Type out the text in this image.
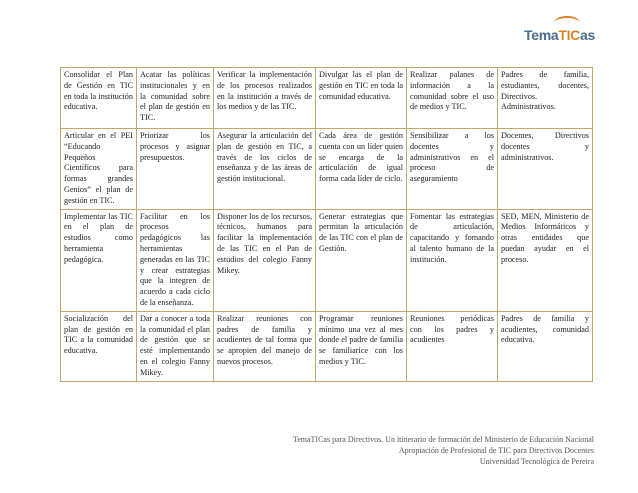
TemaTICas
Consolidar el Plan de Gestión en TIC en toda la institución educativa.	Acatar las políticas institucionales y en la comunidad sobre el plan de gestión en TIC.	Verificar la implementación de los procesos realizados en la institución a través de los medios y de las TIC.	Divulgar las el plan de gestión en TIC en toda la comunidad educativa.	Realizar palanes de información a la comunidad sobre el uso de medios y TIC.	Padres de familia, estudiantes, docentes, Directivos. Administrativos.
Articular en el PEI “Educando Pequeños Científicos para formas grandes Genios” el plan de gestión en TIC.	Priorizar los procesos y asignar presupuestos.	Asegurar la articulación del plan de gestión en TIC, a través de los ciclos de enseñanza y de las áreas de gestión institucional.	Cada área de gestión cuenta con un líder quien se encarga de la articulación de igual forma cada líder de ciclo.	Sensibilizar a los docentes y administrativos en el proceso de aseguramiento	Docentes, Directivos docentes y administrativos.
Implementar las TIC en el plan de estudios como herramienta pedagógica.	Facilitar en los procesos pedagógicos las herramientas generadas en las TIC y crear estrategias que la integren de acuerdo a cada ciclo de la enseñanza.	Disponer los de los recursos, técnicos, humanos para facilitar la implementación de las TIC en el Pan de estudios del colegio Fanny Mikey.	Generar estrategias que permitan la articulación de las TIC con el plan de Gestión.	Fomentar las estrategias de articulación, capacitando y fomando al talento humano de la institución.	SED, MEN, Ministerio de Medios Informáticos y otras entidades que puedan ayudar en el proceso.
Socialización del plan de gestión en TIC a la comunidad educativa.	Dar a conocer a toda la comunidad el plan de gestión que se esté implementando en el colegio Fanny Mikey.	Realizar reuniones con padres de familia y acudientes de tal forma que se apropien del manejo de nuevos procesos.	Programar reuniones mínimo una vez al mes donde el padre de familia se familiarice con los medios y TIC.	Reuniones periódicas con los padres y acudientes	Padres de familia y acudientes, comunidad educativa.
TemaTICas para Directivos. Un itinerario de formación del Ministerio de Educación Nacional
Apropiación de Profesional de TIC para Directivos Docentes
Universidad Tecnológica de Pereira
